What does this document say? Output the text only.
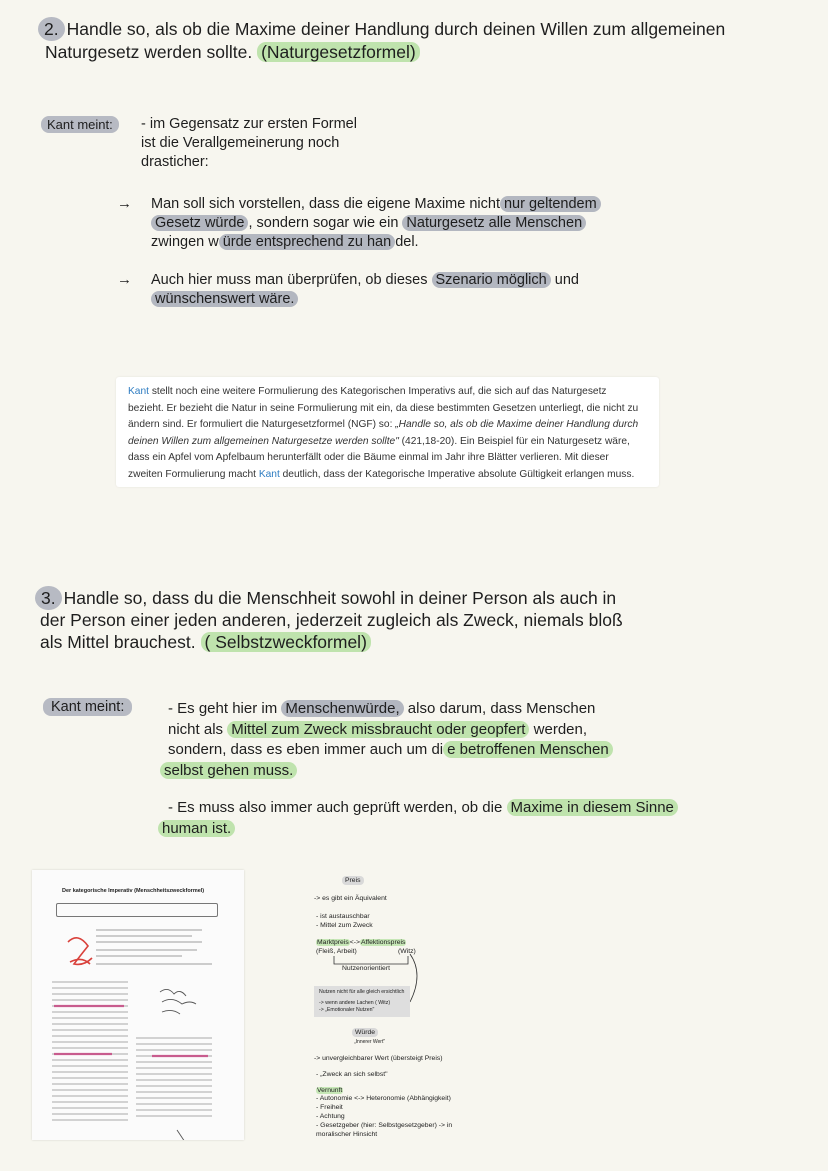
2. Handle so, als ob die Maxime deiner Handlung durch deinen Willen zum allgemeinen
Naturgesetz werden sollte. (Naturgesetzformel)
Kant meint:	- im Gegensatz zur ersten Formel
ist die Verallgemeinerung noch
drasticher:
→ Man soll sich vorstellen, dass die eigene Maxime nicht nur geltendem
Gesetz würde , sondern sogar wie ein Naturgesetz alle Menschen
zwingen w ürde entsprechend zu han del.
→ Auch hier muss man überprüfen, ob dieses Szenario möglich und
wünschenswert wäre.
Kant stellt noch eine weitere Formulierung des Kategorischen Imperativs auf, die sich auf das Naturgesetz
bezieht. Er bezieht die Natur in seine Formulierung mit ein, da diese bestimmten Gesetzen unterliegt, die nicht zu
ändern sind. Er formuliert die Naturgesetzformel (NGF) so: „Handle so, als ob die Maxime deiner Handlung durch
deinen Willen zum allgemeinen Naturgesetze werden sollte" (421,18-20). Ein Beispiel für ein Naturgesetz wäre,
dass ein Apfel vom Apfelbaum herunterfällt oder die Bäume einmal im Jahr ihre Blätter verlieren. Mit dieser
zweiten Formulierung macht Kant deutlich, dass der Kategorische Imperative absolute Gültigkeit erlangen muss.
3. Handle so, dass du die Menschheit sowohl in deiner Person als auch in
der Person einer jeden anderen, jederzeit zugleich als Zweck, niemals bloß
als Mittel brauchest. ( Selbstzweckformel)
Kant meint:	- Es geht hier im Menschenwürde, also darum, dass Menschen
nicht als Mittel zum Zweck missbraucht oder geopfert werden,
sondern, dass es eben immer auch um di e betroffenen Menschen
selbst gehen muss.
- Es muss also immer auch geprüft werden, ob die Maxime in diesem Sinne
human ist.
Der kategorische Imperativ (Menschheitszweckformel)
Preis
-> es gibt ein Äquivalent
- ist austauschbar
- Mittel zum Zweck
Marktpreis<->Affektionspreis
(Fleiß, Arbeit)	(Witz)
Nutzenorientiert
Nutzen nicht für alle gleich ersichtlich
-> wenn andere Lachen ( Witz)
-> „Emotionaler Nutzen"
Würde
„Innerer Wert"
-> unvergleichbarer Wert (übersteigt Preis)
- „Zweck an sich selbst"
Vernunft
- Autonomie <-> Heteronomie (Abhängigkeit)
- Freiheit
- Achtung
- Gesetzgeber (hier: Selbstgesetzgeber) -> in
moralischer Hinsicht
